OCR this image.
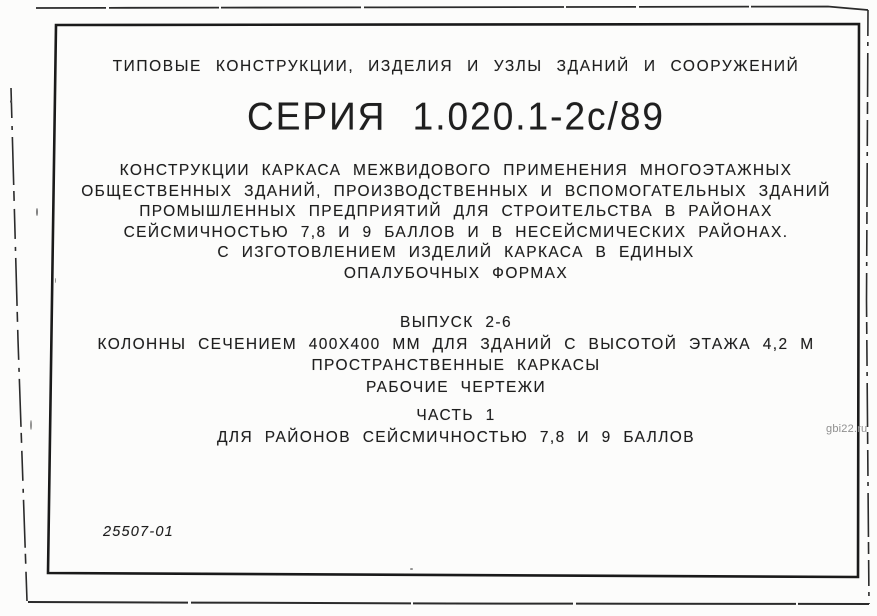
ТИПОВЫЕ КОНСТРУКЦИИ, ИЗДЕЛИЯ И УЗЛЫ ЗДАНИЙ И СООРУЖЕНИЙ
СЕРИЯ 1.020.1-2с/89
КОНСТРУКЦИИ КАРКАСА МЕЖВИДОВОГО ПРИМЕНЕНИЯ МНОГОЭТАЖНЫХ
ОБЩЕСТВЕННЫХ ЗДАНИЙ, ПРОИЗВОДСТВЕННЫХ И ВСПОМОГАТЕЛЬНЫХ ЗДАНИЙ
ПРОМЫШЛЕННЫХ ПРЕДПРИЯТИЙ ДЛЯ СТРОИТЕЛЬСТВА В РАЙОНАХ
СЕЙСМИЧНОСТЬЮ 7,8 И 9 БАЛЛОВ И В НЕСЕЙСМИЧЕСКИХ РАЙОНАХ.
С ИЗГОТОВЛЕНИЕМ ИЗДЕЛИЙ КАРКАСА В ЕДИНЫХ
ОПАЛУБОЧНЫХ ФОРМАХ
ВЫПУСК 2-6
КОЛОННЫ СЕЧЕНИЕМ 400Х400 ММ ДЛЯ ЗДАНИЙ С ВЫСОТОЙ ЭТАЖА 4,2 М
ПРОСТРАНСТВЕННЫЕ КАРКАСЫ
РАБОЧИЕ ЧЕРТЕЖИ
ЧАСТЬ 1
ДЛЯ РАЙОНОВ СЕЙСМИЧНОСТЬЮ 7,8 И 9 БАЛЛОВ
25507-01
gbi22.ru
